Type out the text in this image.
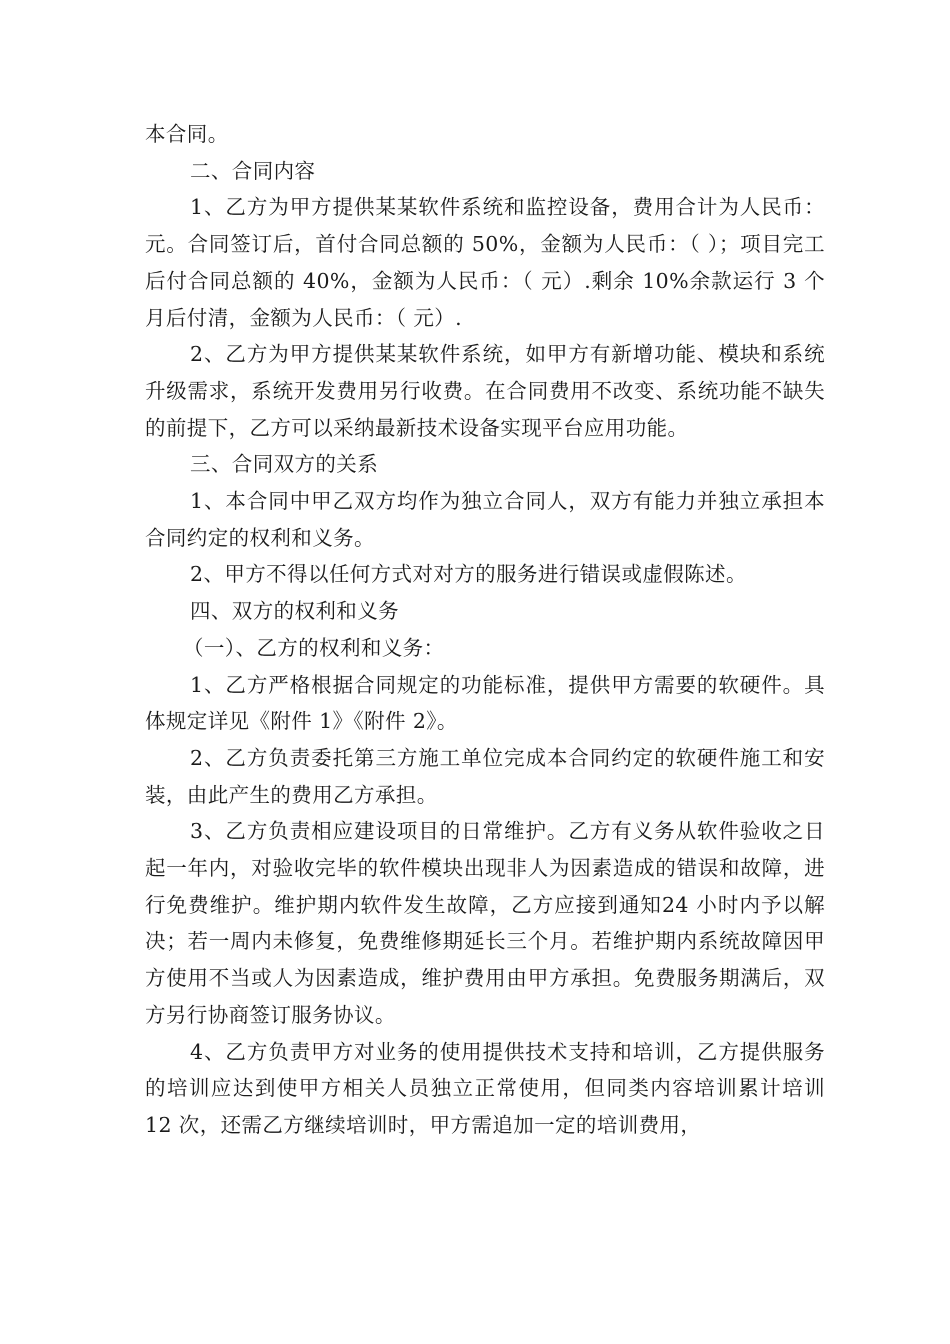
本合同。

二、合同内容

1、乙方为甲方提供某某软件系统和监控设备，费用合计为人民币： 元。合同签订后，首付合同总额的 50%，金额为人民币：（ ）；项目完工后付合同总额的 40%，金额为人民币：（ 元）.剩余 10%余款运行 3 个月后付清，金额为人民币：（ 元）.

2、乙方为甲方提供某某软件系统，如甲方有新增功能、模块和系统升级需求，系统开发费用另行收费。在合同费用不改变、系统功能不缺失的前提下，乙方可以采纳最新技术设备实现平台应用功能。

三、合同双方的关系

1、本合同中甲乙双方均作为独立合同人，双方有能力并独立承担本合同约定的权利和义务。

2、甲方不得以任何方式对对方的服务进行错误或虚假陈述。

四、双方的权利和义务

（一）、乙方的权利和义务：

1、乙方严格根据合同规定的功能标准，提供甲方需要的软硬件。具体规定详见《附件 1》《附件 2》。

2、乙方负责委托第三方施工单位完成本合同约定的软硬件施工和安装，由此产生的费用乙方承担。

3、乙方负责相应建设项目的日常维护。乙方有义务从软件验收之日起一年内，对验收完毕的软件模块出现非人为因素造成的错误和故障，进行免费维护。维护期内软件发生故障，乙方应接到通知24 小时内予以解决；若一周内未修复，免费维修期延长三个月。若维护期内系统故障因甲方使用不当或人为因素造成，维护费用由甲方承担。免费服务期满后，双方另行协商签订服务协议。

4、乙方负责甲方对业务的使用提供技术支持和培训，乙方提供服务的培训应达到使甲方相关人员独立正常使用，但同类内容培训累计培训 12 次，还需乙方继续培训时，甲方需追加一定的培训费用，
